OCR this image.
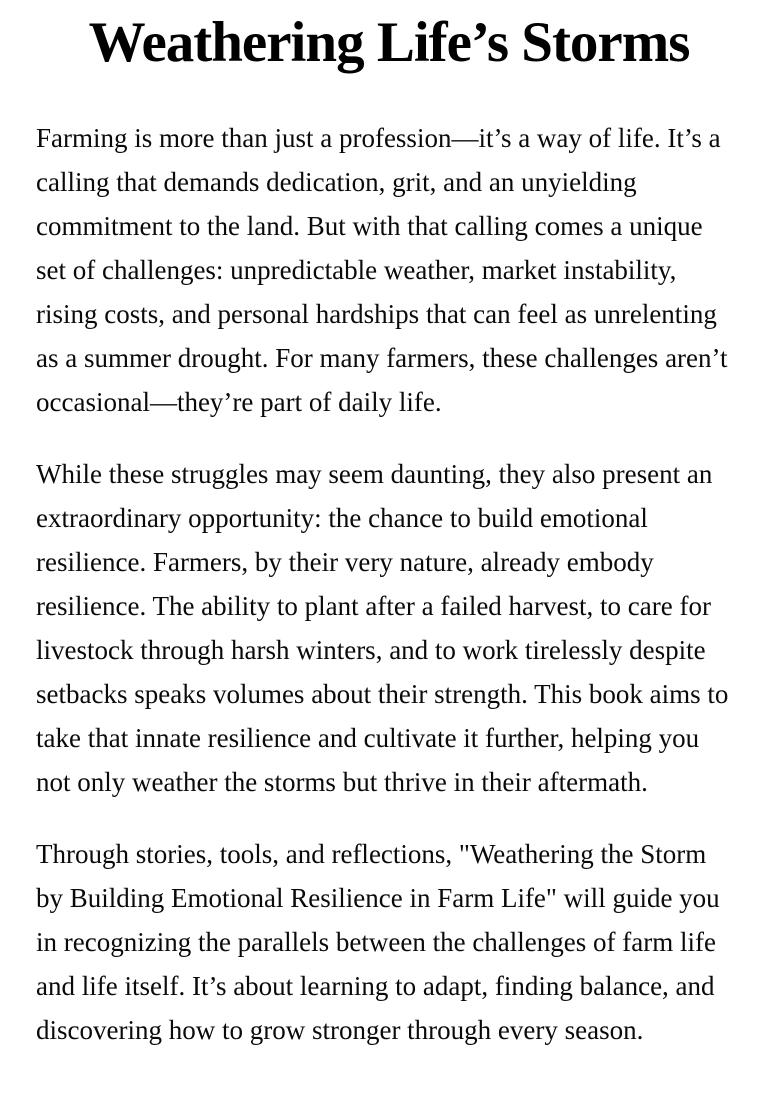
Weathering Life’s Storms

Farming is more than just a profession—it’s a way of life. It’s a calling that demands dedication, grit, and an unyielding commitment to the land. But with that calling comes a unique set of challenges: unpredictable weather, market instability, rising costs, and personal hardships that can feel as unrelenting as a summer drought. For many farmers, these challenges aren’t occasional—they’re part of daily life.

While these struggles may seem daunting, they also present an extraordinary opportunity: the chance to build emotional resilience. Farmers, by their very nature, already embody resilience. The ability to plant after a failed harvest, to care for livestock through harsh winters, and to work tirelessly despite setbacks speaks volumes about their strength. This book aims to take that innate resilience and cultivate it further, helping you not only weather the storms but thrive in their aftermath.

Through stories, tools, and reflections, "Weathering the Storm by Building Emotional Resilience in Farm Life" will guide you in recognizing the parallels between the challenges of farm life and life itself. It’s about learning to adapt, finding balance, and discovering how to grow stronger through every season.
